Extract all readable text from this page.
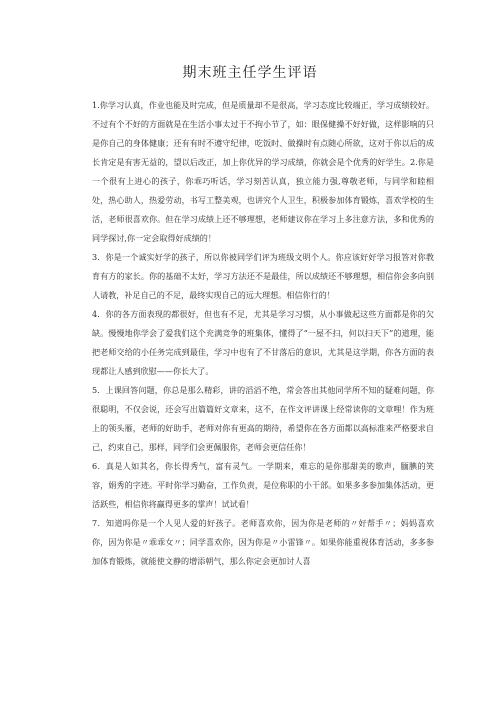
期末班主任学生评语

1.你学习认真，作业也能及时完成，但是质量却不是很高，学习态度比较端正，学习成绩较好。不过有个不好的方面就是在生活小事太过于不拘小节了，如：眼保健操不好好做，这样影响的只是你自己的身体健康；还有有时不遵守纪律，吃饭时、做操时有点随心所欲，这对于你以后的成长肯定是有害无益的，望以后改正，加上你优异的学习成绩，你就会是个优秀的好学生。2.你是一个很有上进心的孩子，你乖巧听话，学习刻苦认真，独立能力强,尊敬老师，与同学和睦相处，热心助人，热爱劳动，书写工整美观，也讲究个人卫生，积极参加体育锻炼，喜欢学校的生活，老师很喜欢你。但在学习成绩上还不够理想，老师建议你在学习上多注意方法，多和优秀的同学探讨,你一定会取得好成绩的！

3．你是一个诚实好学的孩子，所以你被同学们评为班级文明个人。你应该好好学习报答对你教育有方的家长。你的基础不太好，学习方法还不是最佳，所以成绩还不够理想，相信你会多向别人请教，补足自己的不足，最终实现自己的远大理想。相信你行的！

4．你的各方面表现的都很好，但也有不足，尤其是学习习惯，从小事做起这些方面都是你的欠缺。慢慢地你学会了爱我们这个充满竞争的班集体，懂得了“一屋不扫，何以扫天下”的道理，能把老师交给的小任务完成到最佳，学习中也有了不甘落后的意识，尤其是这学期，你各方面的表现都让人感到欣慰——你长大了。

5．上课回答问题，你总是那么精彩，讲的滔滔不绝，常会答出其他同学所不知的疑难问题，你很聪明，不仅会说，还会写出篇篇好文章来，这不，在作文评讲课上经常读你的文章哩！作为班上的领头雁，老师的好助手，老师对你有更高的期待，希望你在各方面都以高标准来严格要求自己，约束自己，那样，同学们会更佩服你，老师会更信任你！

6．真是人如其名，你长得秀气，富有灵气。一学期来，难忘的是你那甜美的歌声，腼腆的笑容，娟秀的字迹。平时你学习勤奋，工作负责，是位称职的小干部。如果多多参加集体活动，更活跃些，相信你将赢得更多的掌声！试试看！

7．知道吗你是一个人见人爱的好孩子。老师喜欢你，因为你是老师的〃好帮手〃；妈妈喜欢你，因为你是〃乖乖女〃；同学喜欢你，因为你是〃小雷锋〃。如果你能重视体育活动，多多参加体育锻炼，就能使文静的增添朝气，那么你定会更加讨人喜
